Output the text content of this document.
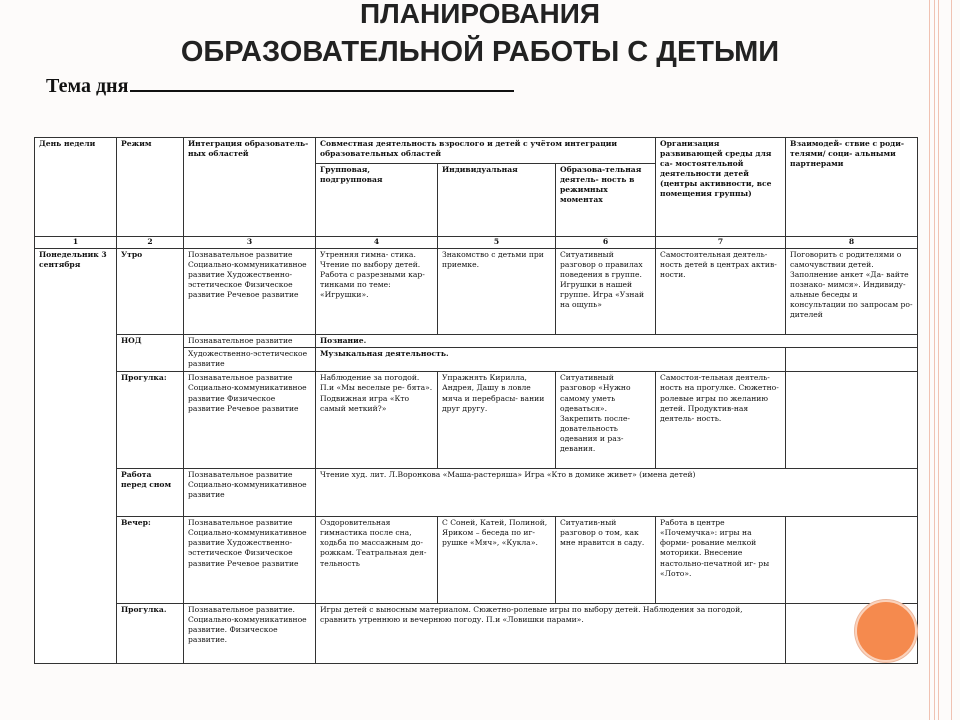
ПЛАНИРОВАНИЯ
ОБРАЗОВАТЕЛЬНОЙ РАБОТЫ С ДЕТЬМИ
Тема дня
День недели	Режим	Интеграция образователь-ных областей	Совместная деятельность взрослого и детей с учётом интеграции образовательных областей			Организация развивающей среды для са- мостоятельной деятельности детей (центры активности, все помещения группы)	Взаимодей- ствие с роди- телями/ соци- альными партнерами
			Групповая, подгрупповая	Индивидуальная	Образова-тельная деятель- ность в режимных моментах		
1	2	3	4	5	6	7	8
Понедельник 3 сентября	Утро	Познавательное развитие Социально-коммуникативное развитие Художественно-эстетическое Физическое развитие Речевое развитие	Утренняя гимна- стика. Чтение по выбору детей. Работа с разрезными кар- тинками по теме: «Игрушки».	Знакомство с детьми при приемке.	Ситуативный разговор о правилах поведения в группе. Игрушки в нашей группе. Игра «Узнай на ощупь»	Самостоятельная деятель- ность детей в центрах актив- ности.	Поговорить с родителями о самочувствии детей. Заполнение анкет «Да- вайте познако- мимся». Индивиду-альные беседы и консультации по запросам ро- дителей
	НОД	Познавательное развитие	Познание.				
		Художественно-эстетическое развитие	Музыкальная деятельность.				
	Прогулка:	Познавательное развитие Социально-коммуникативное развитие Физическое развитие Речевое развитие	Наблюдение за погодой. П.и «Мы веселые ре- бята». Подвижная игра «Кто самый меткий?»	Упражнять Кирилла, Андрея, Дашу в ловле мяча и перебрасы- вании друг другу.	Ситуативный разговор «Нужно самому уметь одеваться». Закрепить после- довательность одевания и раз- девания.	Самостоя-тельная деятель- ность на прогулке. Сюжетно-ролевые игры по желанию детей. Продуктив-ная деятель- ность.	
	Работа перед сном	Познавательное развитие Социально-коммуникативное развитие	Чтение худ. лит. Л.Воронкова «Маша-растеряша» Игра «Кто в домике живет» (имена детей)				
	Вечер:	Познавательное развитие Социально-коммуникативное развитие Художественно-эстетическое Физическое развитие Речевое развитие	Оздоровительная гимнастика после сна, ходьба по массажным до- рожкам. Театральная дея- тельность	С Соней, Катей, Полиной, Яриком – беседа по иг- рушке «Мяч», «Кукла».	Ситуатив-ный разговор о том, как мне нравится в саду.	Работа в центре «Почемучка»: игры на форми- рование мелкой моторики. Внесение настольно-печатной иг- ры «Лото».	
	Прогулка.	Познавательное развитие. Социально-коммуникативное развитие. Физическое развитие.	Игры детей с выносным материалом. Сюжетно-ролевые игры по выбору детей. Наблюдения за погодой, сравнить утреннюю и вечернюю погоду. П.и «Ловишки парами».				
